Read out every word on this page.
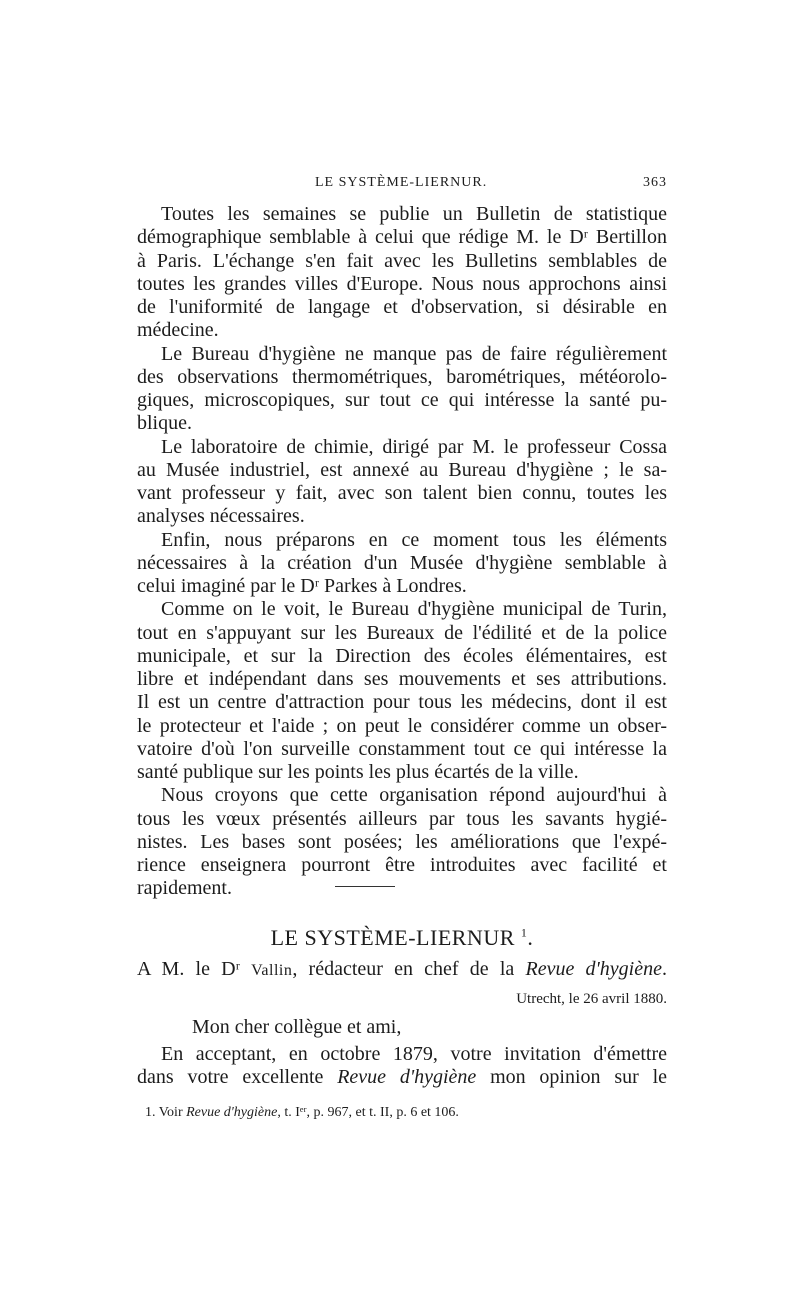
LE SYSTÈME-LIERNUR.	363
Toutes les semaines se publie un Bulletin de statistique
démographique semblable à celui que rédige M. le Dʳ Bertillon
à Paris. L'échange s'en fait avec les Bulletins semblables de
toutes les grandes villes d'Europe. Nous nous approchons ainsi
de l'uniformité de langage et d'observation, si désirable en
médecine.
Le Bureau d'hygiène ne manque pas de faire régulièrement
des observations thermométriques, barométriques, météorolo-
giques, microscopiques, sur tout ce qui intéresse la santé pu-
blique.
Le laboratoire de chimie, dirigé par M. le professeur Cossa
au Musée industriel, est annexé au Bureau d'hygiène ; le sa-
vant professeur y fait, avec son talent bien connu, toutes les
analyses nécessaires.
Enfin, nous préparons en ce moment tous les éléments
nécessaires à la création d'un Musée d'hygiène semblable à
celui imaginé par le Dʳ Parkes à Londres.
Comme on le voit, le Bureau d'hygiène municipal de Turin,
tout en s'appuyant sur les Bureaux de l'édilité et de la police
municipale, et sur la Direction des écoles élémentaires, est
libre et indépendant dans ses mouvements et ses attributions.
Il est un centre d'attraction pour tous les médecins, dont il est
le protecteur et l'aide ; on peut le considérer comme un obser-
vatoire d'où l'on surveille constamment tout ce qui intéresse la
santé publique sur les points les plus écartés de la ville.
Nous croyons que cette organisation répond aujourd'hui à
tous les vœux présentés ailleurs par tous les savants hygié-
nistes. Les bases sont posées; les améliorations que l'expé-
rience enseignera pourront être introduites avec facilité et
rapidement.
LE SYSTÈME-LIERNUR $^1$.
A M. le Dʳ Vallin, rédacteur en chef de la Revue d'hygiène.
Utrecht, le 26 avril 1880.
Mon cher collègue et ami,
En acceptant, en octobre 1879, votre invitation d'émettre
dans votre excellente Revue d'hygiène mon opinion sur le
1. Voir Revue d'hygiène, t. Iᵉʳ, p. 967, et t. II, p. 6 et 106.
